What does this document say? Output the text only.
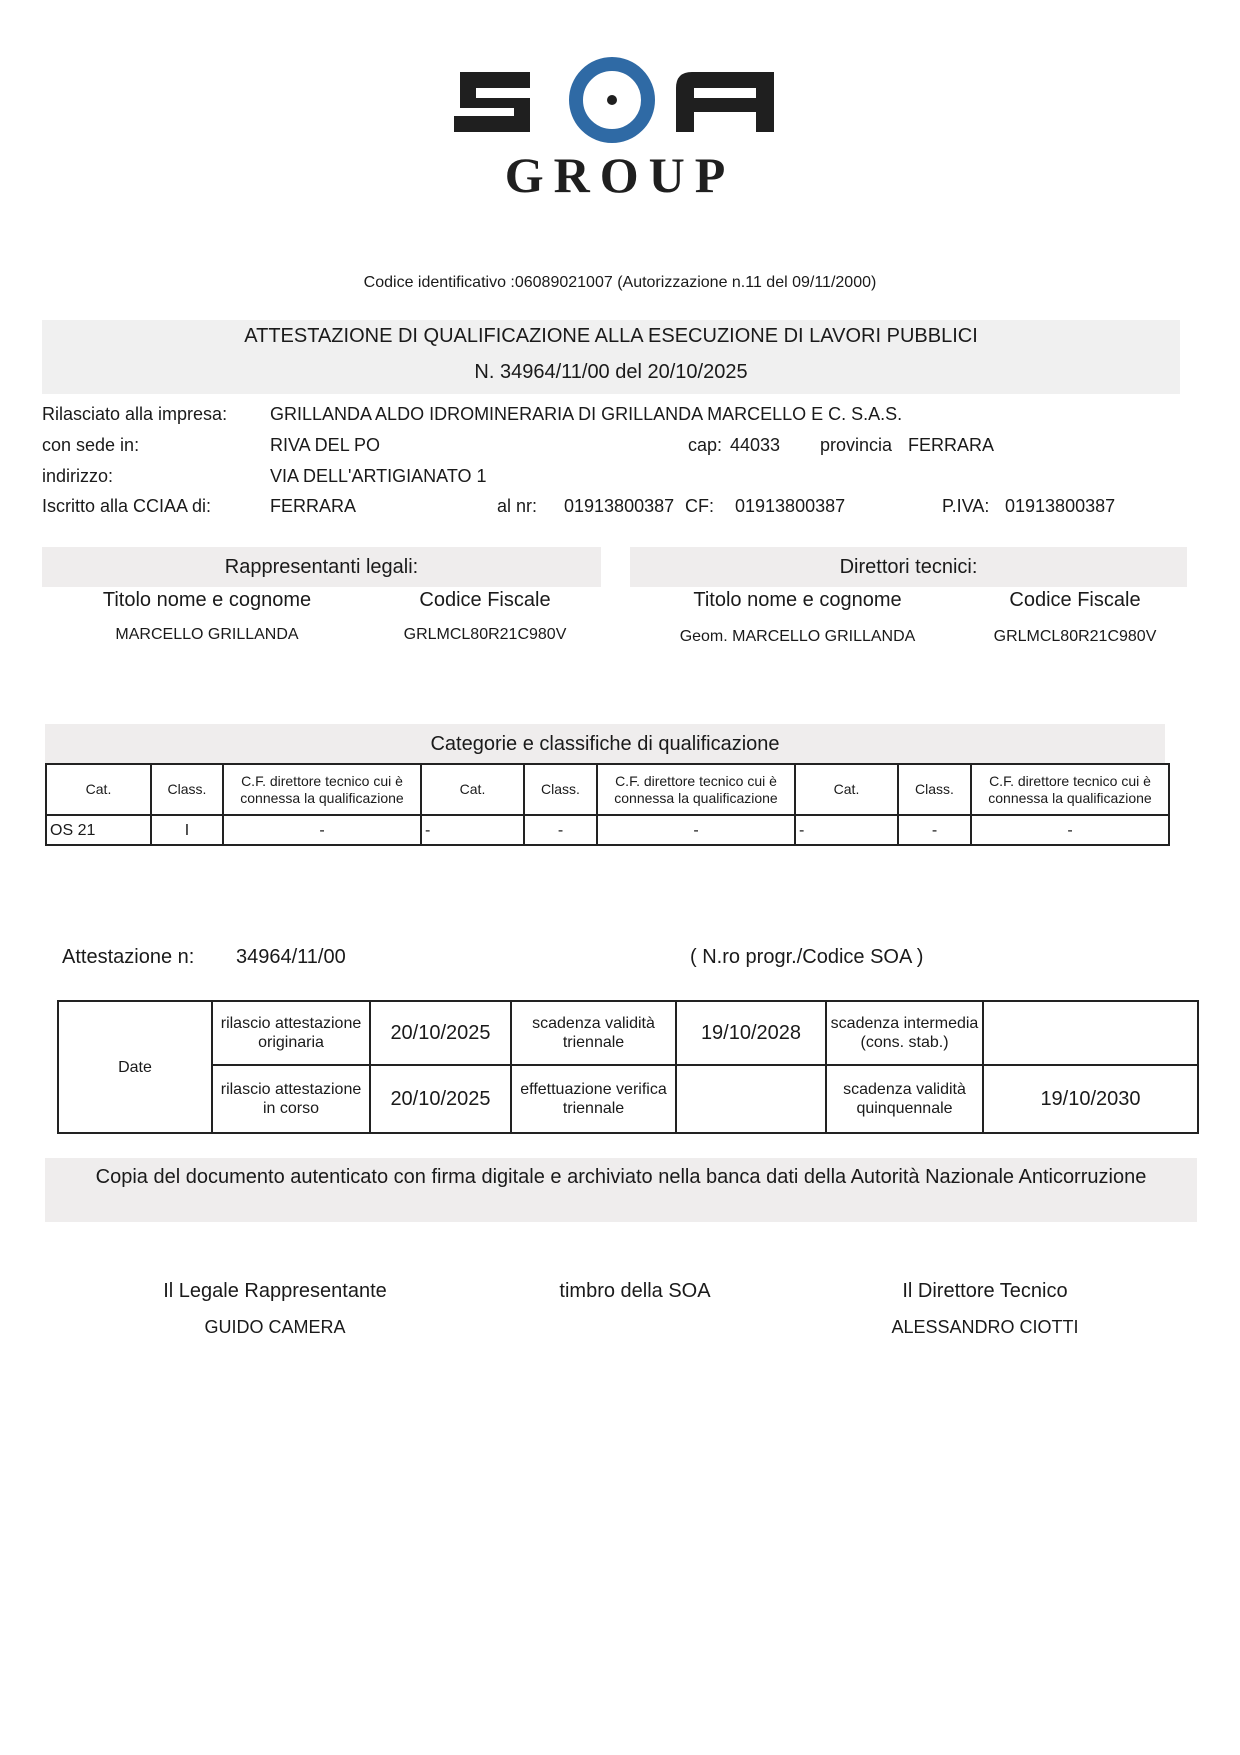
GROUP
Codice identificativo :06089021007 (Autorizzazione n.11 del 09/11/2000)
ATTESTAZIONE DI QUALIFICAZIONE ALLA ESECUZIONE DI LAVORI PUBBLICI
N. 34964/11/00 del 20/10/2025
Rilasciato alla impresa: GRILLANDA ALDO IDROMINERARIA DI GRILLANDA MARCELLO E C. S.A.S.
con sede in:	RIVA DEL PO	cap: 44033 provincia FERRARA
indirizzo:	VIA DELL'ARTIGIANATO 1
Iscritto alla CCIAA di:	FERRARA	al nr: 01913800387 CF: 01913800387	P.IVA: 01913800387
Rappresentanti legali:
Titolo nome e cognome	Codice Fiscale
MARCELLO GRILLANDA	GRLMCL80R21C980V
Direttori tecnici:
Titolo nome e cognome	Codice Fiscale
Geom. MARCELLO GRILLANDA	GRLMCL80R21C980V
Categorie e classifiche di qualificazione
Cat.	Class.	C.F. direttore tecnico cui è connessa la qualificazione	Cat.	Class.	C.F. direttore tecnico cui è connessa la qualificazione	Cat.	Class.	C.F. direttore tecnico cui è connessa la qualificazione
OS 21	I	-	-	-	-	-	-	-
Attestazione n: 34964/11/00	( N.ro progr./Codice SOA )
Date	rilascio attestazione originaria	20/10/2025	scadenza validità triennale	19/10/2028	scadenza intermedia (cons. stab.)	
	rilascio attestazione in corso	20/10/2025	effettuazione verifica triennale		scadenza validità quinquennale	19/10/2030
Copia del documento autenticato con firma digitale e archiviato nella banca dati della Autorità Nazionale Anticorruzione
Il Legale Rappresentante
GUIDO CAMERA
timbro della SOA	Il Direttore Tecnico
ALESSANDRO CIOTTI
